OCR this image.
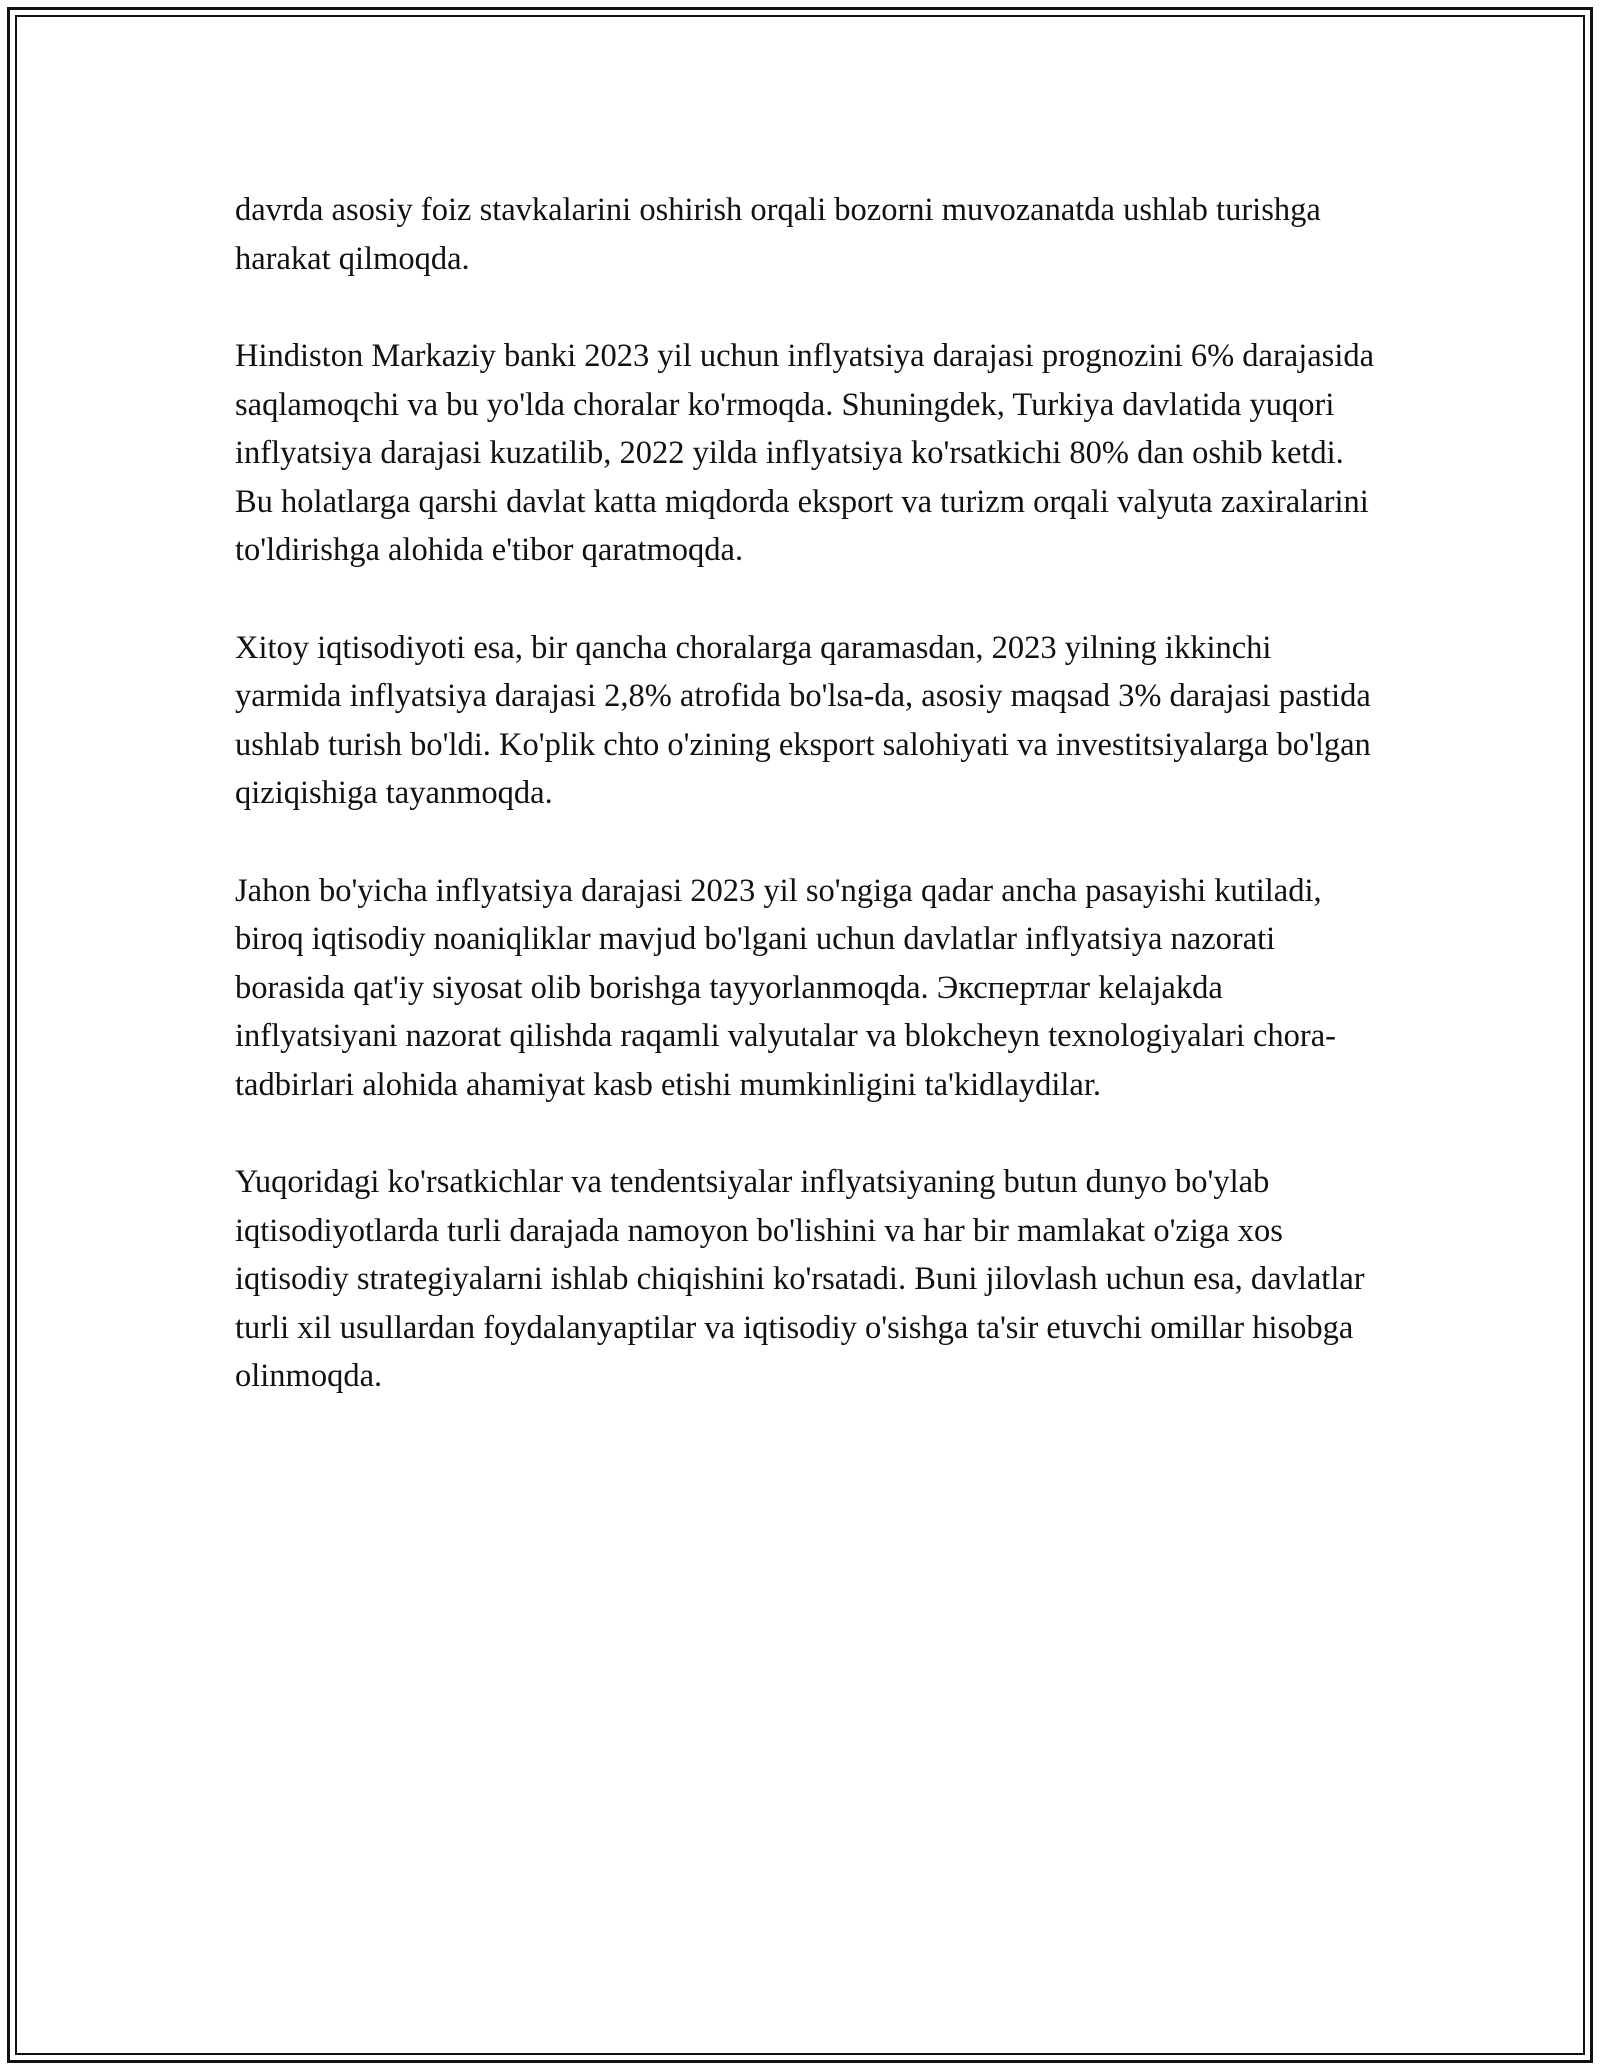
davrda asosiy foiz stavkalarini oshirish orqali bozorni muvozanatda ushlab turishga harakat qilmoqda.

Hindiston Markaziy banki 2023 yil uchun inflyatsiya darajasi prognozini 6% darajasida saqlamoqchi va bu yo'lda choralar ko'rmoqda. Shuningdek, Turkiya davlatida yuqori inflyatsiya darajasi kuzatilib, 2022 yilda inflyatsiya ko'rsatkichi 80% dan oshib ketdi. Bu holatlarga qarshi davlat katta miqdorda eksport va turizm orqali valyuta zaxiralarini to'ldirishga alohida e'tibor qaratmoqda.

Xitoy iqtisodiyoti esa, bir qancha choralarga qaramasdan, 2023 yilning ikkinchi yarmida inflyatsiya darajasi 2,8% atrofida bo'lsa-da, asosiy maqsad 3% darajasi pastida ushlab turish bo'ldi. Ko'plik chto o'zining eksport salohiyati va investitsiyalarga bo'lgan qiziqishiga tayanmoqda.

Jahon bo'yicha inflyatsiya darajasi 2023 yil so'ngiga qadar ancha pasayishi kutiladi, biroq iqtisodiy noaniqliklar mavjud bo'lgani uchun davlatlar inflyatsiya nazorati borasida qat'iy siyosat olib borishga tayyorlanmoqda. Экспертлar kelajakda inflyatsiyani nazorat qilishda raqamli valyutalar va blokcheyn texnologiyalari chora-tadbirlari alohida ahamiyat kasb etishi mumkinligini ta'kidlaydilar.

Yuqoridagi ko'rsatkichlar va tendentsiyalar inflyatsiyaning butun dunyo bo'ylab iqtisodiyotlarda turli darajada namoyon bo'lishini va har bir mamlakat o'ziga xos iqtisodiy strategiyalarni ishlab chiqishini ko'rsatadi. Buni jilovlash uchun esa, davlatlar turli xil usullardan foydalanyaptilar va iqtisodiy o'sishga ta'sir etuvchi omillar hisobga olinmoqda.
